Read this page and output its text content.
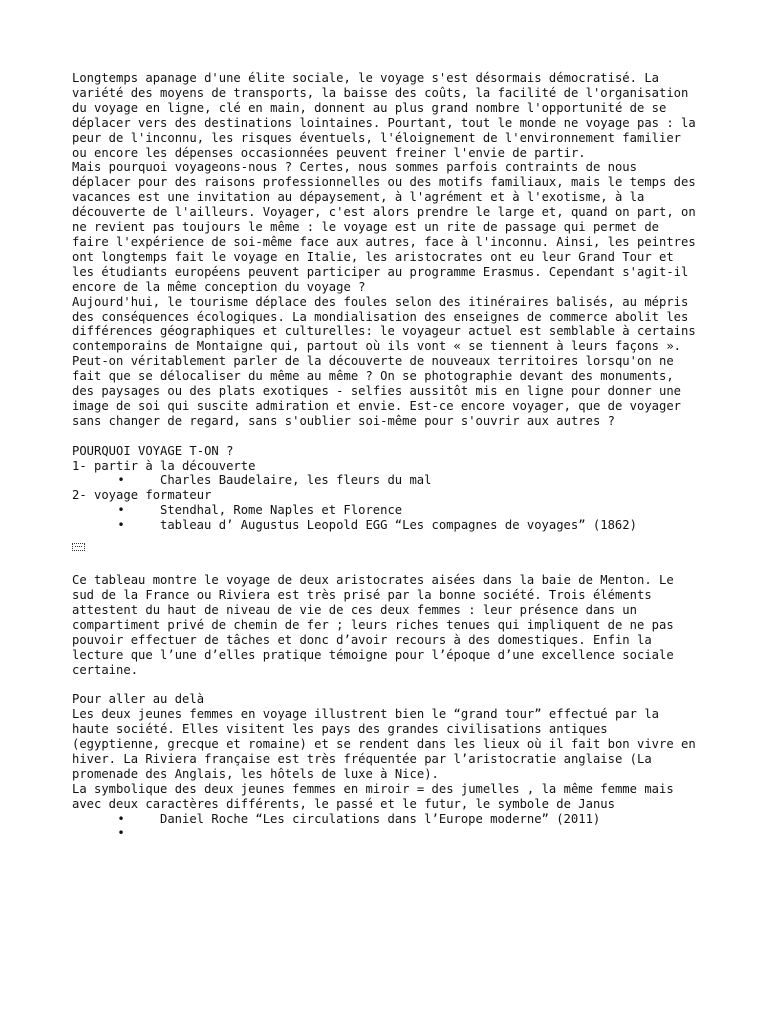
Longtemps apanage d'une élite sociale, le voyage s'est désormais démocratisé. La variété des moyens de transports, la baisse des coûts, la facilité de l'organisation du voyage en ligne, clé en main, donnent au plus grand nombre l'opportunité de se déplacer vers des destinations lointaines. Pourtant, tout le monde ne voyage pas : la peur de l'inconnu, les risques éventuels, l'éloignement de l'environnement familier ou encore les dépenses occasionnées peuvent freiner l'envie de partir.

Mais pourquoi voyageons-nous ? Certes, nous sommes parfois contraints de nous déplacer pour des raisons professionnelles ou des motifs familiaux, mais le temps des vacances est une invitation au dépaysement, à l'agrément et à l'exotisme, à la découverte de l'ailleurs. Voyager, c'est alors prendre le large et, quand on part, on ne revient pas toujours le même : le voyage est un rite de passage qui permet de faire l'expérience de soi-même face aux autres, face à l'inconnu. Ainsi, les peintres ont longtemps fait le voyage en Italie, les aristocrates ont eu leur Grand Tour et les étudiants européens peuvent participer au programme Erasmus. Cependant s'agit-il encore de la même conception du voyage ?

Aujourd'hui, le tourisme déplace des foules selon des itinéraires balisés, au mépris des conséquences écologiques. La mondialisation des enseignes de commerce abolit les différences géographiques et culturelles: le voyageur actuel est semblable à certains contemporains de Montaigne qui, partout où ils vont « se tiennent à leurs façons ». Peut-on véritablement parler de la découverte de nouveaux territoires lorsqu'on ne fait que se délocaliser du même au même ? On se photographie devant des monuments, des paysages ou des plats exotiques - selfies aussitôt mis en ligne pour donner une image de soi qui suscite admiration et envie. Est-ce encore voyager, que de voyager sans changer de regard, sans s'oublier soi-même pour s'ouvrir aux autres ?

POURQUOI VOYAGE T-ON ?
1- partir à la découverte
•	Charles Baudelaire, les fleurs du mal
2- voyage formateur
•	Stendhal, Rome Naples et Florence
•	tableau d’ Augustus Leopold EGG “Les compagnes de voyages” (1862)

Ce tableau montre le voyage de deux aristocrates aisées dans la baie de Menton. Le sud de la France ou Riviera est très prisé par la bonne société. Trois éléments attestent du haut de niveau de vie de ces deux femmes : leur présence dans un compartiment privé de chemin de fer ; leurs riches tenues qui impliquent de ne pas pouvoir effectuer de tâches et donc d’avoir recours à des domestiques. Enfin la lecture que l’une d’elles pratique témoigne pour l’époque d’une excellence sociale certaine.

Pour aller au delà

Les deux jeunes femmes en voyage illustrent bien le “grand tour” effectué par la haute société. Elles visitent les pays des grandes civilisations antiques (egyptienne, grecque et romaine) et se rendent dans les lieux où il fait bon vivre en hiver. La Riviera française est très fréquentée par l’aristocratie anglaise (La promenade des Anglais, les hôtels de luxe à Nice).

La symbolique des deux jeunes femmes en miroir = des jumelles , la même femme mais avec deux caractères différents, le passé et le futur, le symbole de Janus

•	Daniel Roche “Les circulations dans l’Europe moderne” (2011)
•
